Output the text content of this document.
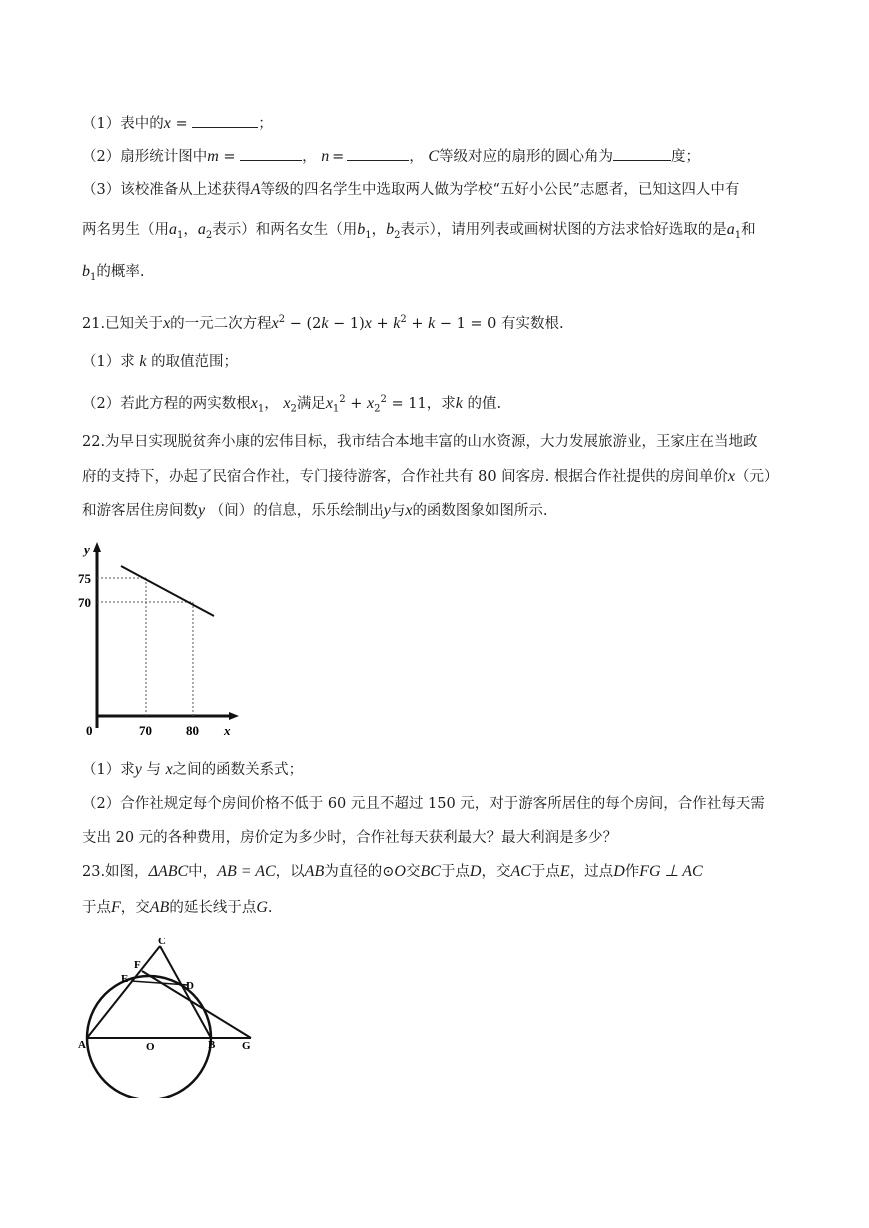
（1）表中的x =	；
（2）扇形统计图中m =	， n = 	， C等级对应的扇形的圆心角为	度；
（3）该校准备从上述获得A等级的四名学生中选取两人做为学校“五好小公民”志愿者，已知这四人中有
两名男生（用$a_1$，$a_2$表示）和两名女生（用$b_1$，$b_2$表示），请用列表或画树状图的方法求恰好选取的是$a_1$和
$b_1$的概率.
21.已知关于x的一元二次方程$x^2 - (2k - 1)x + k^2 + k - 1 = 0$ 有实数根.
（1）求 k 的取值范围；
（2）若此方程的两实数根$x_1$， $x_2$满足$x_1^2 + x_2^2 = 11$，求k 的值.
22.为早日实现脱贫奔小康的宏伟目标，我市结合本地丰富的山水资源，大力发展旅游业，王家庄在当地政
府的支持下，办起了民宿合作社，专门接待游客，合作社共有 80 间客房. 根据合作社提供的房间单价x（元）
和游客居住房间数y （间）的信息，乐乐绘制出y与x的函数图象如图所示.
y
75
70
0	70	80 x
（1）求y 与 x之间的函数关系式；
（2）合作社规定每个房间价格不低于 60 元且不超过 150 元，对于游客所居住的每个房间，合作社每天需
支出 20 元的各种费用，房价定为多少时，合作社每天获利最大？最大利润是多少？
23.如图，ΔABC中，AB = AC，以AB为直径的⊙O交BC于点D，交AC于点E，过点D作FG ⊥ AC
于点F，交AB的延长线于点G.
C
F
E
D
A	O	B G
